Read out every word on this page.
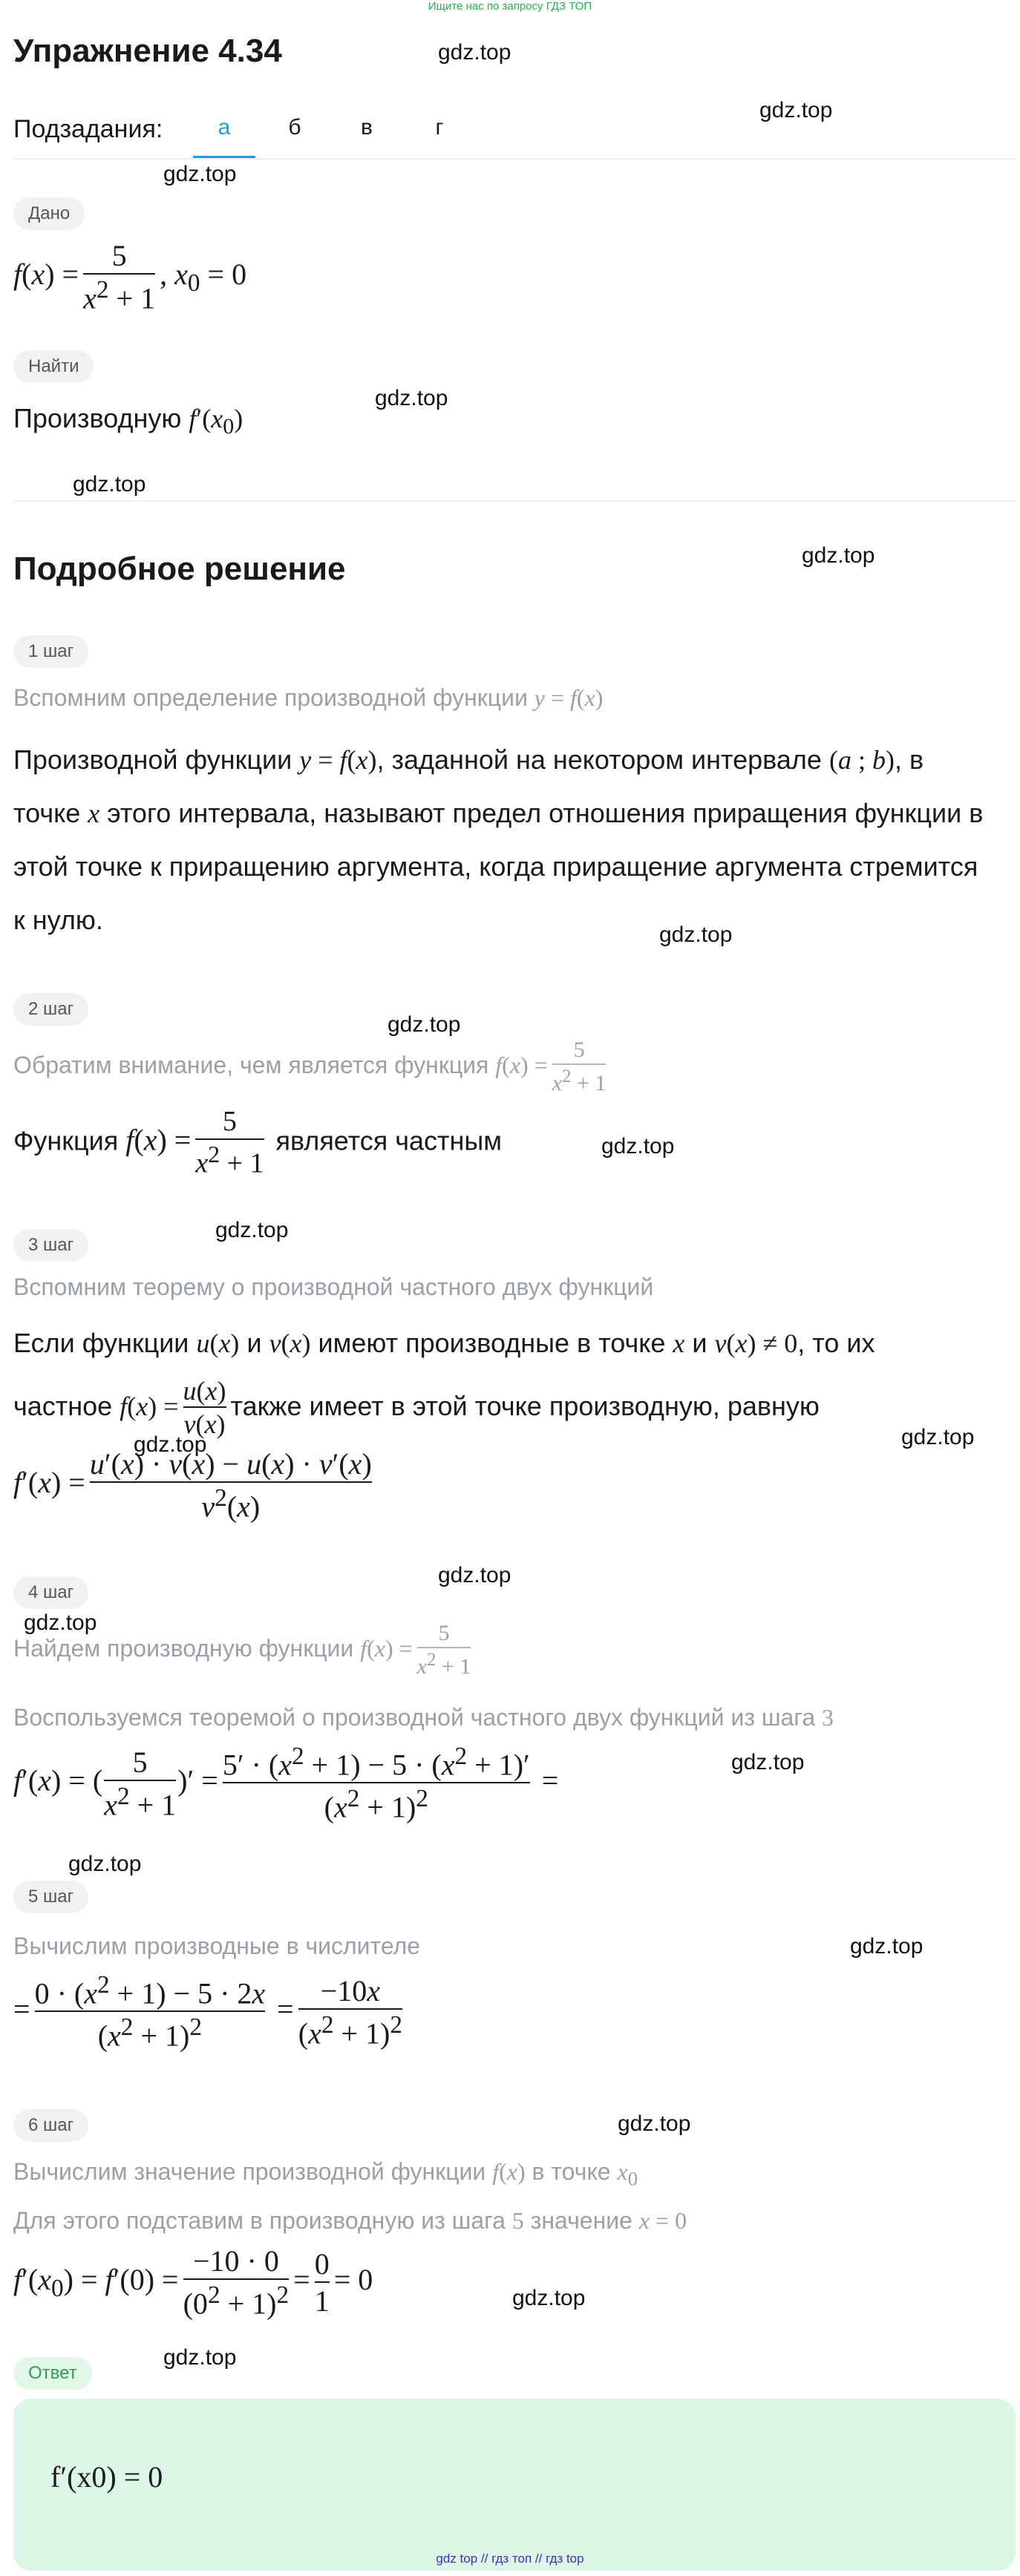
Ищите нас по запросу ГДЗ ТОП
Упражнение 4.34	gdz.top
gdz.top
gdz.top
gdz.top
gdz.top
gdz.top
gdz.top
gdz.top
gdz.top
gdz.top
gdz.top	gdz.top
gdz.top
gdz.top
gdz.top
gdz.top
gdz.top
gdz.top
gdz.top
gdz.top
Подзадания:	а	б	в	г
Дано
$f(x) = \frac{5}{x^2 + 1}$ , $x_0 = 0$
Найти
Производную $f'(x_0)$
Подробное решение
1 шаг
Вспомним определение производной функции y = f(x)
Производной функции y = f(x), заданной на некотором интервале (a ; b), в
точке x этого интервала, называют предел отношения приращения функции в
этой точке к приращению аргумента, когда приращение аргумента стремится
к нулю.
2 шаг
Обратим внимание, чем является функция $f(x) = \frac{5}{x^2 + 1}$
Функция $f(x) = \frac{5}{x^2 + 1}$ является частным
3 шаг
Вспомним теорему о производной частного двух функций
Если функции u(x) и v(x) имеют производные в точке x и v(x) ≠ 0, то их
частное $f(x) = \frac{u(x)}{v(x)}$ также имеет в этой точке производную, равную
$f'(x) = \frac{u'(x) \cdot v(x) - u(x) \cdot v'(x)}{v^2(x)}$
4 шаг
Найдем производную функции $f(x) = \frac{5}{x^2 + 1}$
Воспользуемся теоремой о производной частного двух функций из шага 3
f′(x) = ( $\frac{5}{x^2 + 1}$ )′ = $\frac{5' \cdot (x^2 + 1) - 5 \cdot (x^2 + 1)'}{(x^2 + 1)^2}$ =
5 шаг
Вычислим производные в числителе
= $\frac{0 \cdot (x^2 + 1) - 5 \cdot 2x}{(x^2 + 1)^2} = \frac{-10x}{(x^2 + 1)^2}$
6 шаг
Вычислим значение производной функции f(x) в точке $x_0$
Для этого подставим в производную из шага 5 значение x = 0
$f'(x_0) = f'(0) = \frac{-10 \cdot 0}{(0^2 + 1)^2} = \frac{0}{1} = 0$
Ответ
f′(x0) = 0
gdz top // гдз топ // гдз top
